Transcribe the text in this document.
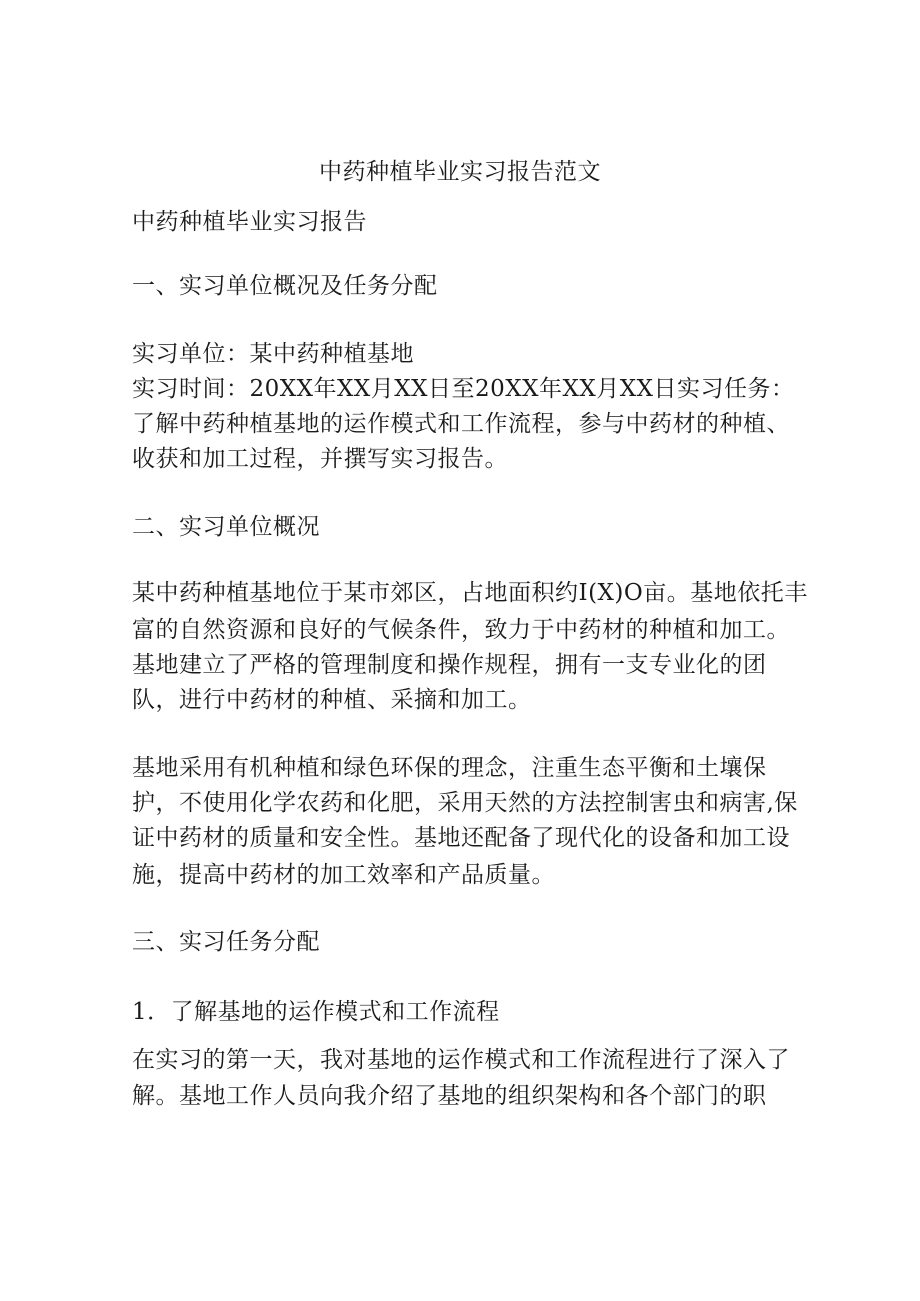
中药种植毕业实习报告范文
中药种植毕业实习报告
一、实习单位概况及任务分配
实习单位：某中药种植基地
实习时间：20XX年XX月XX日至20XX年XX月XX日实习任务：
了解中药种植基地的运作模式和工作流程，参与中药材的种植、
收获和加工过程，并撰写实习报告。
二、实习单位概况
某中药种植基地位于某市郊区，占地面积约I(X)O亩。基地依托丰
富的自然资源和良好的气候条件，致力于中药材的种植和加工。
基地建立了严格的管理制度和操作规程，拥有一支专业化的团
队，进行中药材的种植、采摘和加工。
基地采用有机种植和绿色环保的理念，注重生态平衡和土壤保
护，不使用化学农药和化肥，采用天然的方法控制害虫和病害,保
证中药材的质量和安全性。基地还配备了现代化的设备和加工设
施，提高中药材的加工效率和产品质量。
三、实习任务分配
1．了解基地的运作模式和工作流程
在实习的第一天，我对基地的运作模式和工作流程进行了深入了
解。基地工作人员向我介绍了基地的组织架构和各个部门的职
